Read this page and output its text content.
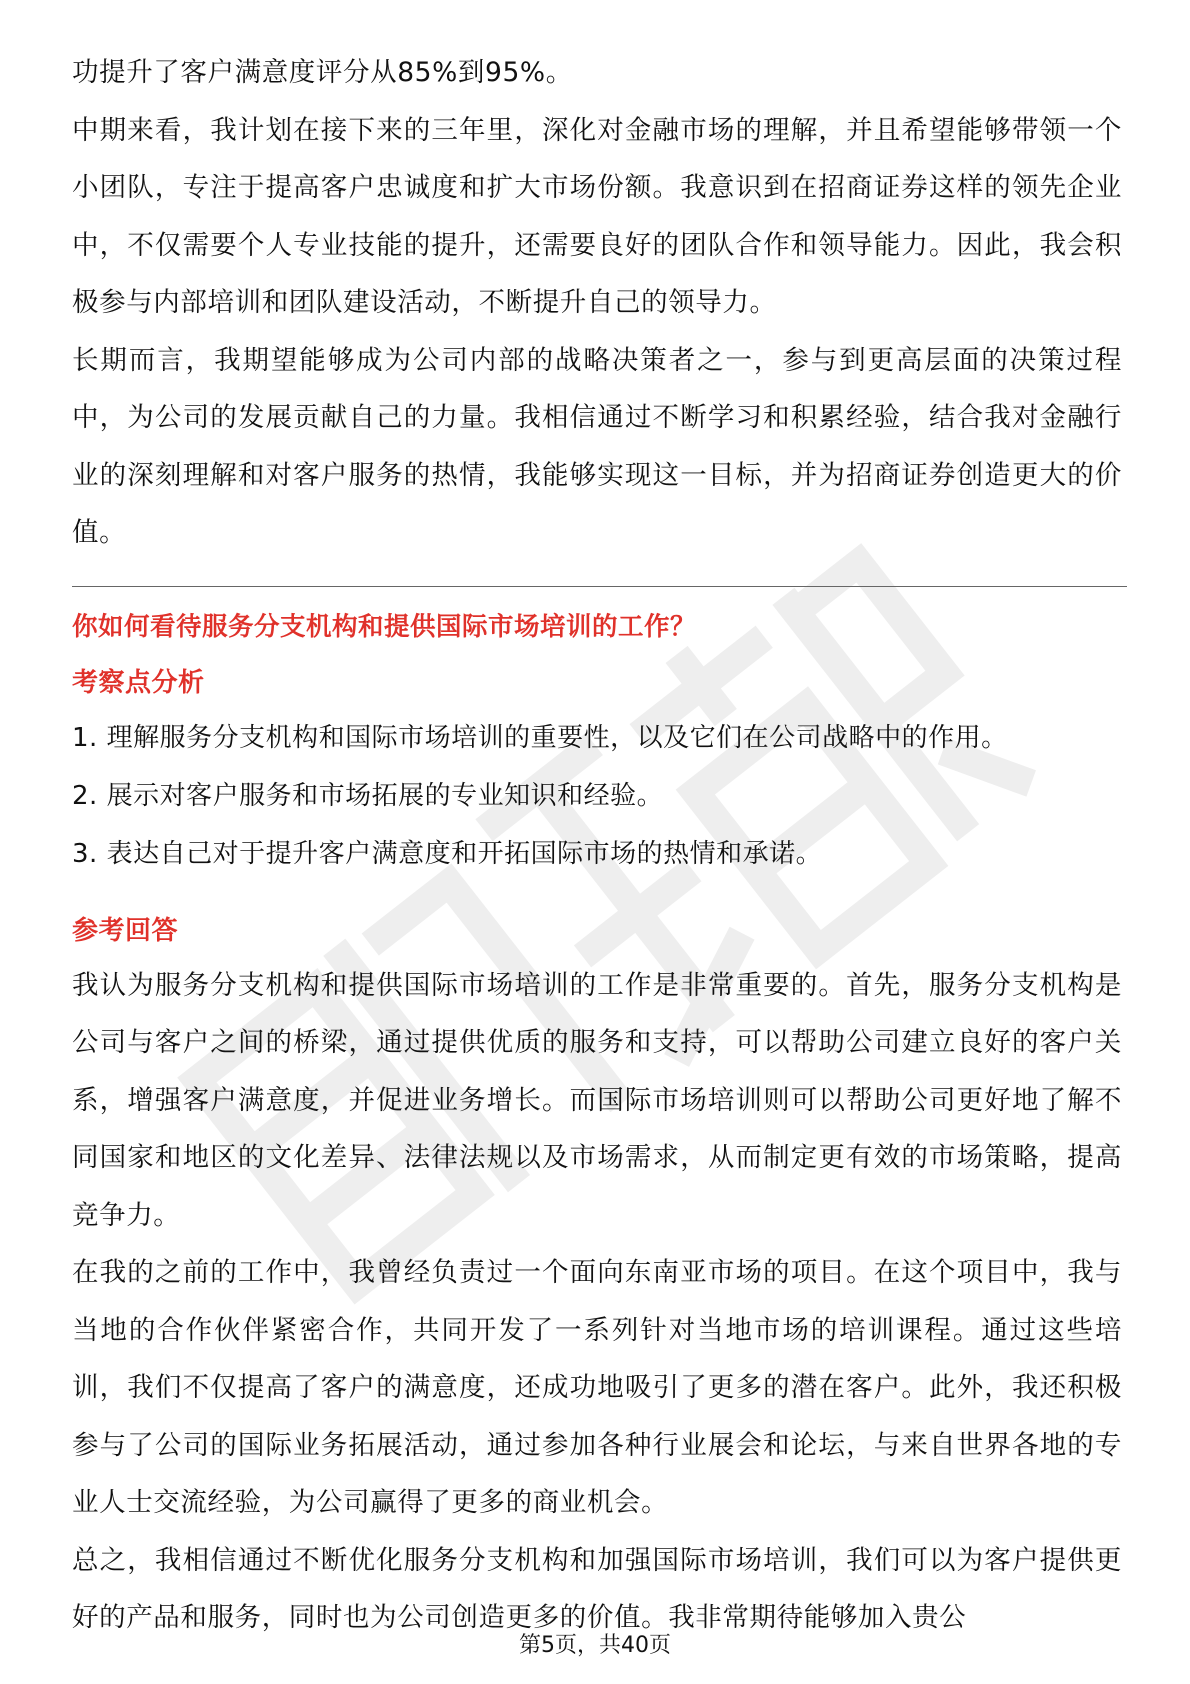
功提升了客户满意度评分从85%到95%。

中期来看，我计划在接下来的三年里，深化对金融市场的理解，并且希望能够带领一个小团队，专注于提高客户忠诚度和扩大市场份额。我意识到在招商证券这样的领先企业中，不仅需要个人专业技能的提升，还需要良好的团队合作和领导能力。因此，我会积极参与内部培训和团队建设活动，不断提升自己的领导力。

长期而言，我期望能够成为公司内部的战略决策者之一，参与到更高层面的决策过程中，为公司的发展贡献自己的力量。我相信通过不断学习和积累经验，结合我对金融行业的深刻理解和对客户服务的热情，我能够实现这一目标，并为招商证券创造更大的价值。

你如何看待服务分支机构和提供国际市场培训的工作？

考察点分析

1. 理解服务分支机构和国际市场培训的重要性，以及它们在公司战略中的作用。

2. 展示对客户服务和市场拓展的专业知识和经验。

3. 表达自己对于提升客户满意度和开拓国际市场的热情和承诺。

参考回答

我认为服务分支机构和提供国际市场培训的工作是非常重要的。首先，服务分支机构是公司与客户之间的桥梁，通过提供优质的服务和支持，可以帮助公司建立良好的客户关系，增强客户满意度，并促进业务增长。而国际市场培训则可以帮助公司更好地了解不同国家和地区的文化差异、法律法规以及市场需求，从而制定更有效的市场策略，提高竞争力。

在我的之前的工作中，我曾经负责过一个面向东南亚市场的项目。在这个项目中，我与当地的合作伙伴紧密合作，共同开发了一系列针对当地市场的培训课程。通过这些培训，我们不仅提高了客户的满意度，还成功地吸引了更多的潜在客户。此外，我还积极参与了公司的国际业务拓展活动，通过参加各种行业展会和论坛，与来自世界各地的专业人士交流经验，为公司赢得了更多的商业机会。

总之，我相信通过不断优化服务分支机构和加强国际市场培训，我们可以为客户提供更好的产品和服务，同时也为公司创造更多的价值。我非常期待能够加入贵公

第5页，共40页
